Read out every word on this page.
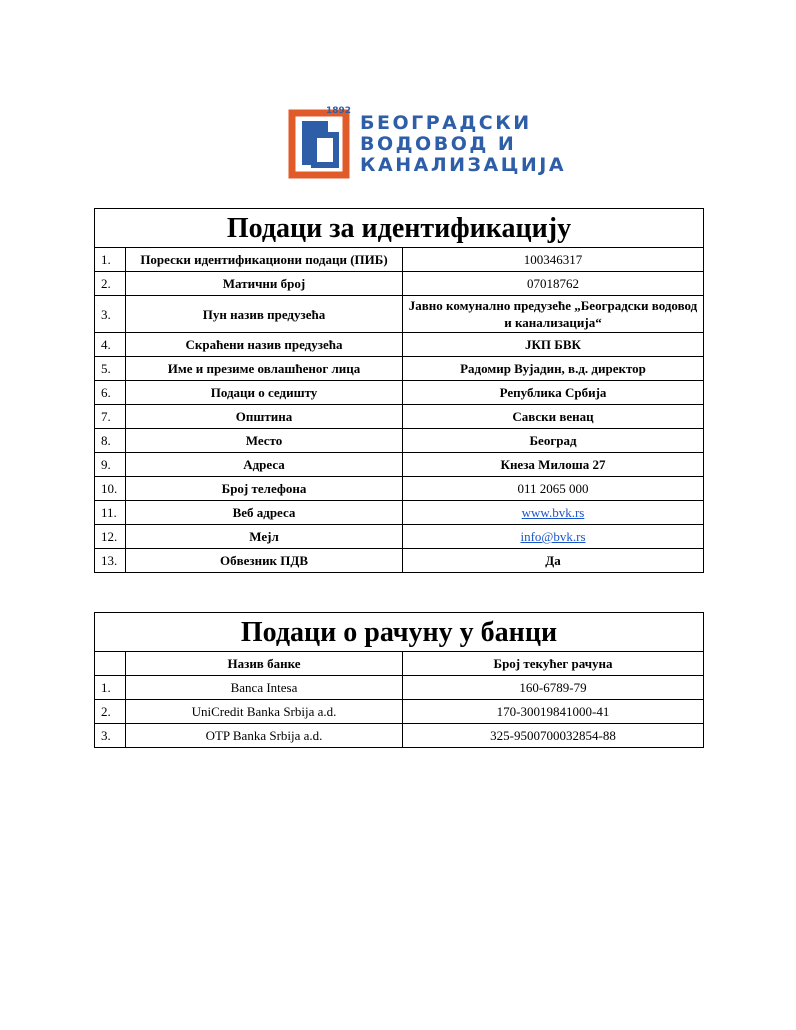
1892
БЕОГРАДСКИ
ВОДОВОД И
КАНАЛИЗАЦИЈА
Подаци за идентификацију		
1.	Порески идентификациони подаци (ПИБ)	100346317
2.	Матични број	07018762
3.	Пун назив предузећа	Јавно комунално предузеће „Београдски водовод и канализација“
4.	Скраћени назив предузећа	ЈКП БВК
5.	Име и презиме овлашћеног лица	Радомир Вујадин, в.д. директор
6.	Подаци о седишту	Република Србија
7.	Општина	Савски венац
8.	Место	Београд
9.	Адреса	Кнеза Милоша 27
10.	Број телефона	011 2065 000
11.	Веб адреса	www.bvk.rs
12.	Мејл	info@bvk.rs
13.	Обвезник ПДВ	Да
Подаци о рачуну у банци		
	Назив банке	Број текућег рачуна
1.	Banca Intesa	160-6789-79
2.	UniCredit Banka Srbija a.d.	170-30019841000-41
3.	OTP Banka Srbija a.d.	325-9500700032854-88
